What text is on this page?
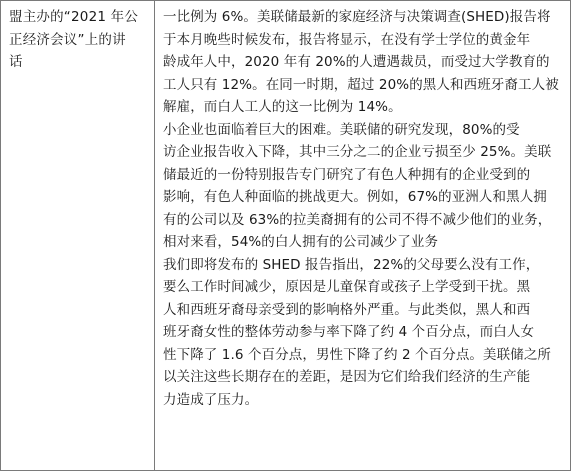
盟主办的“2021 年公
正经济会议”上的讲
话

一比例为 6%。美联储最新的家庭经济与决策调查(SHED)报告将
于本月晚些时候发布，报告将显示，在没有学士学位的黄金年
龄成年人中，2020 年有 20%的人遭遇裁员，而受过大学教育的
工人只有 12%。在同一时期，超过 20%的黑人和西班牙裔工人被
解雇，而白人工人的这一比例为 14%。

小企业也面临着巨大的困难。美联储的研究发现，80%的受
访企业报告收入下降，其中三分之二的企业亏损至少 25%。美联
储最近的一份特别报告专门研究了有色人种拥有的企业受到的
影响，有色人种面临的挑战更大。例如，67%的亚洲人和黑人拥
有的公司以及 63%的拉美裔拥有的公司不得不减少他们的业务，
相对来看，54%的白人拥有的公司减少了业务

我们即将发布的 SHED 报告指出，22%的父母要么没有工作，
要么工作时间减少，原因是儿童保育或孩子上学受到干扰。黑
人和西班牙裔母亲受到的影响格外严重。与此类似，黑人和西
班牙裔女性的整体劳动参与率下降了约 4 个百分点，而白人女
性下降了 1.6 个百分点，男性下降了约 2 个百分点。美联储之所
以关注这些长期存在的差距，是因为它们给我们经济的生产能
力造成了压力。
